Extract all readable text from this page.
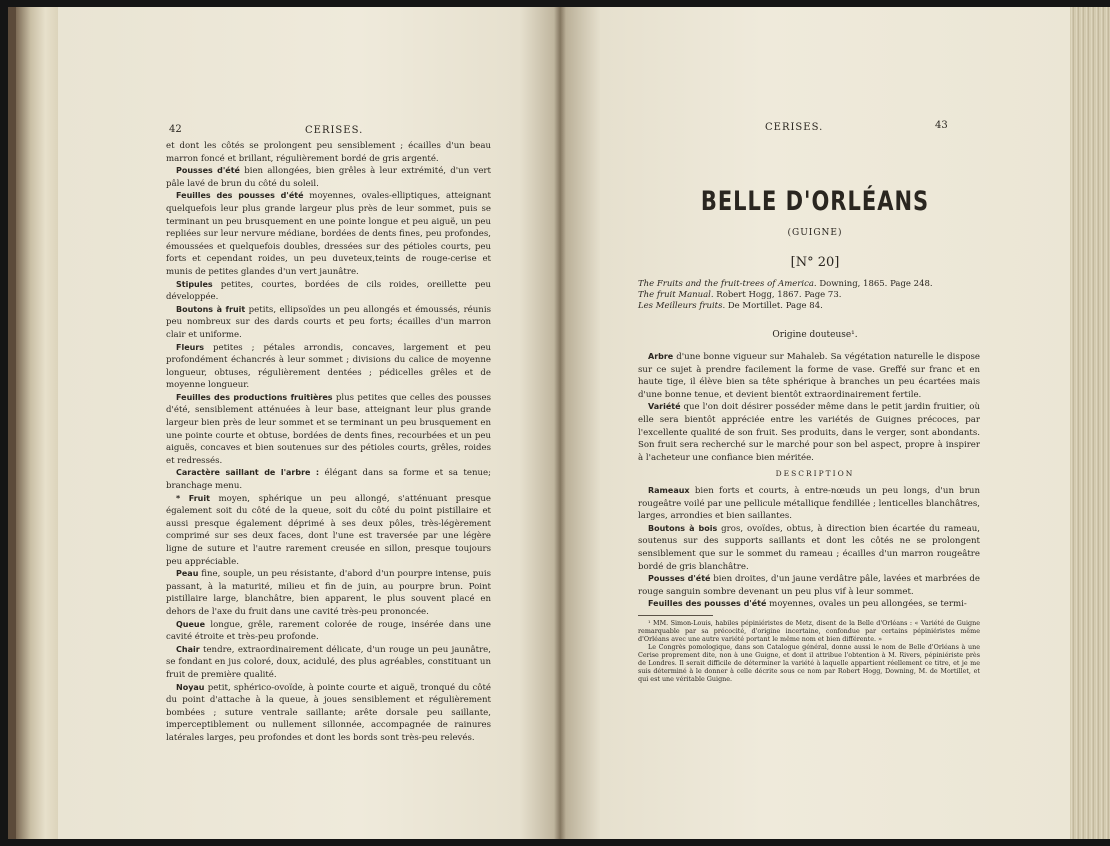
42	CERISES.

et dont les côtés se prolongent peu sensiblement ; écailles d'un beau marron foncé et brillant, régulièrement bordé de gris argenté.

Pousses d'été bien allongées, bien grêles à leur extrémité, d'un vert pâle lavé de brun du côté du soleil.

Feuilles des pousses d'été moyennes, ovales-elliptiques, atteignant quelquefois leur plus grande largeur plus près de leur sommet, puis se terminant un peu brusquement en une pointe longue et peu aiguë, un peu repliées sur leur nervure médiane, bordées de dents fines, peu profondes, émoussées et quelquefois doubles, dressées sur des pétioles courts, peu forts et cependant roides, un peu duveteux,teints de rouge-cerise et munis de petites glandes d'un vert jaunâtre.

Stipules petites, courtes, bordées de cils roides, oreillette peu développée.

Boutons à fruit petits, ellipsoïdes un peu allongés et émoussés, réunis peu nombreux sur des dards courts et peu forts; écailles d'un marron clair et uniforme.

Fleurs petites ; pétales arrondis, concaves, largement et peu profondément échancrés à leur sommet ; divisions du calice de moyenne longueur, obtuses, régulièrement dentées ; pédicelles grêles et de moyenne longueur.

Feuilles des productions fruitières plus petites que celles des pousses d'été, sensiblement atténuées à leur base, atteignant leur plus grande largeur bien près de leur sommet et se terminant un peu brusquement en une pointe courte et obtuse, bordées de dents fines, recourbées et un peu aiguës, concaves et bien soutenues sur des pétioles courts, grêles, roides et redressés.

Caractère saillant de l'arbre : élégant dans sa forme et sa tenue; branchage menu.

* Fruit moyen, sphérique un peu allongé, s'atténuant presque également soit du côté de la queue, soit du côté du point pistillaire et aussi presque également déprimé à ses deux pôles, très-légèrement comprimé sur ses deux faces, dont l'une est traversée par une légère ligne de suture et l'autre rarement creusée en sillon, presque toujours peu appréciable.

Peau fine, souple, un peu résistante, d'abord d'un pourpre intense, puis passant, à la maturité, milieu et fin de juin, au pourpre brun. Point pistillaire large, blanchâtre, bien apparent, le plus souvent placé en dehors de l'axe du fruit dans une cavité très-peu prononcée.

Queue longue, grêle, rarement colorée de rouge, insérée dans une cavité étroite et très-peu profonde.

Chair tendre, extraordinairement délicate, d'un rouge un peu jaunâtre, se fondant en jus coloré, doux, acidulé, des plus agréables, constituant un fruit de première qualité.

Noyau petit, sphérico-ovoïde, à pointe courte et aiguë, tronqué du côté du point d'attache à la queue, à joues sensiblement et régulièrement bombées ; suture ventrale saillante; arête dorsale peu saillante, imperceptiblement ou nullement sillonnée, accompagnée de rainures latérales larges, peu profondes et dont les bords sont très-peu relevés.

CERISES.	43
BELLE D'ORLÉANS
(GUIGNE)
[N° 20]
The Fruits and the fruit-trees of America. Downing, 1865. Page 248.
The fruit Manual. Robert Hogg, 1867. Page 73.
Les Meilleurs fruits. De Mortillet. Page 84.
Origine douteuse¹.

Arbre d'une bonne vigueur sur Mahaleb. Sa végétation naturelle le dispose sur ce sujet à prendre facilement la forme de vase. Greffé sur franc et en haute tige, il élève bien sa tête sphérique à branches un peu écartées mais d'une bonne tenue, et devient bientôt extraordinairement fertile.

Variété que l'on doit désirer posséder même dans le petit jardin fruitier, où elle sera bientôt appréciée entre les variétés de Guignes précoces, par l'excellente qualité de son fruit. Ses produits, dans le verger, sont abondants. Son fruit sera recherché sur le marché pour son bel aspect, propre à inspirer à l'acheteur une confiance bien méritée.

DESCRIPTION

Rameaux bien forts et courts, à entre-nœuds un peu longs, d'un brun rougeâtre voilé par une pellicule métallique fendillée ; lenticelles blanchâtres, larges, arrondies et bien saillantes.

Boutons à bois gros, ovoïdes, obtus, à direction bien écartée du rameau, soutenus sur des supports saillants et dont les côtés ne se prolongent sensiblement que sur le sommet du rameau ; écailles d'un marron rougeâtre bordé de gris blanchâtre.

Pousses d'été bien droites, d'un jaune verdâtre pâle, lavées et marbrées de rouge sanguin sombre devenant un peu plus vif à leur sommet.

Feuilles des pousses d'été moyennes, ovales un peu allongées, se termi-

¹ MM. Simon-Louis, habiles pépiniéristes de Metz, disent de la Belle d'Orléans : « Variété de Guigne remarquable par sa précocité, d'origine incertaine, confondue par certains pépiniéristes même d'Orléans avec une autre variété portant le même nom et bien différente. »

Le Congrès pomologique, dans son Catalogue général, donne aussi le nom de Belle d'Orléans à une Cerise proprement dite, non à une Guigne, et dont il attribue l'obtention à M. Rivers, pépiniériste près de Londres. Il serait difficile de déterminer la variété à laquelle appartient réellement ce titre, et je me suis déterminé à le donner à celle décrite sous ce nom par Robert Hogg, Downing, M. de Mortillet, et qui est une véritable Guigne.
